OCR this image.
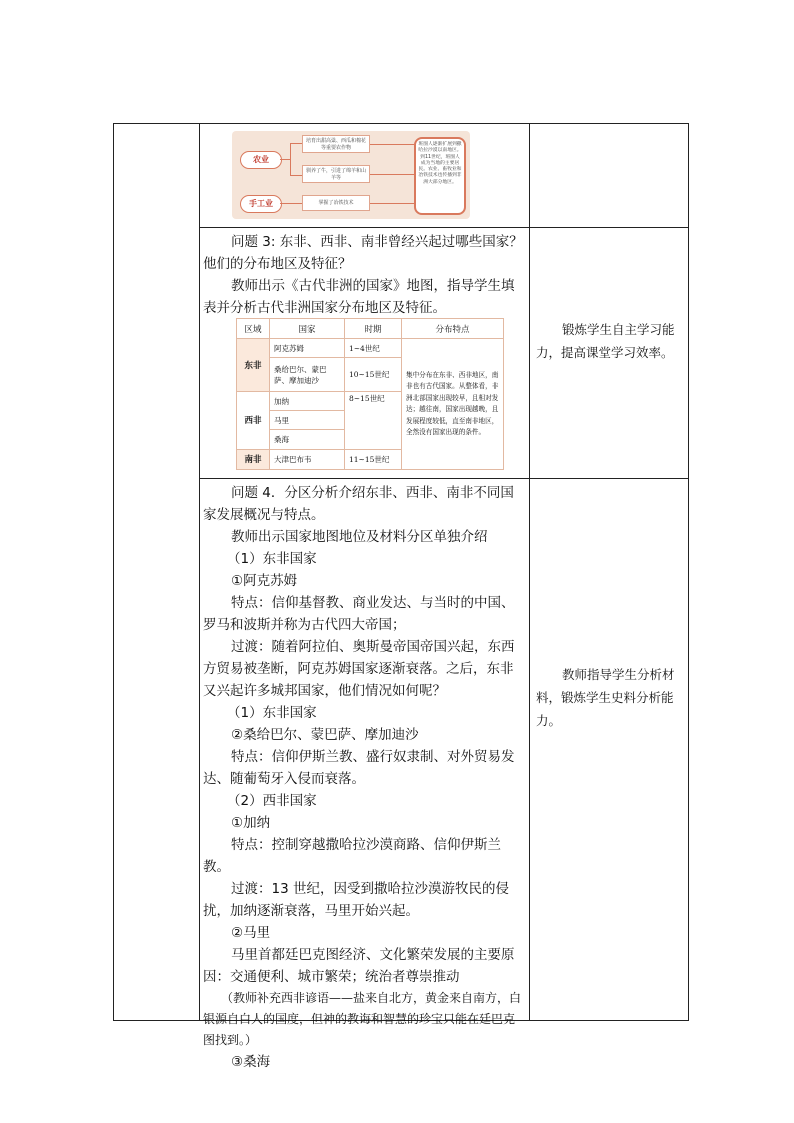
农业
手工业
培育出甜高粱、西瓜和棉花等重要农作物
驯养了牛，引进了绵羊和山羊等
掌握了冶铁技术
班图人逐渐扩展到撒哈拉沙漠以南地区。到11世纪，班图人成为当地的主要居民。农业、畜牧业和冶铁技术也传播到非洲大部分地区。

问题 3: 东非、西非、南非曾经兴起过哪些国家？他们的分布地区及特征？

教师出示《古代非洲的国家》地图，指导学生填表并分析古代非洲国家分布地区及特征。

锻炼学生自主学习能力，提高课堂学习效率。
区域	国家	时期	分布特点
东非	阿克苏姆	1~4世纪	集中分布在东非、西非地区，南非也有古代国家。从整体看，非洲北部国家出现较早，且相对发达；越往南，国家出现越晚，且发展程度较低，直至南非地区，全然没有国家出现的条件。
	桑给巴尔、蒙巴萨、摩加迪沙	10~15世纪	
西非	加纳	8~15世纪	
	马里		
	桑海		
南非	大津巴布韦	11~15世纪	

问题 4．分区分析介绍东非、西非、南非不同国家发展概况与特点。

教师出示国家地图地位及材料分区单独介绍

（1）东非国家

①阿克苏姆

特点：信仰基督教、商业发达、与当时的中国、罗马和波斯并称为古代四大帝国；

过渡：随着阿拉伯、奥斯曼帝国帝国兴起，东西方贸易被垄断，阿克苏姆国家逐渐衰落。之后，东非又兴起许多城邦国家，他们情况如何呢？

（1）东非国家

②桑给巴尔、蒙巴萨、摩加迪沙

特点：信仰伊斯兰教、盛行奴隶制、对外贸易发达、随葡萄牙入侵而衰落。

（2）西非国家

①加纳

特点：控制穿越撒哈拉沙漠商路、信仰伊斯兰教。

过渡：13 世纪，因受到撒哈拉沙漠游牧民的侵扰，加纳逐渐衰落，马里开始兴起。

②马里

马里首都廷巴克图经济、文化繁荣发展的主要原因：交通便利、城市繁荣；统治者尊崇推动

（教师补充西非谚语——盐来自北方，黄金来自南方，白银源自白人的国度，但神的教诲和智慧的珍宝只能在廷巴克图找到。）

③桑海

教师指导学生分析材料，锻炼学生史料分析能力。
